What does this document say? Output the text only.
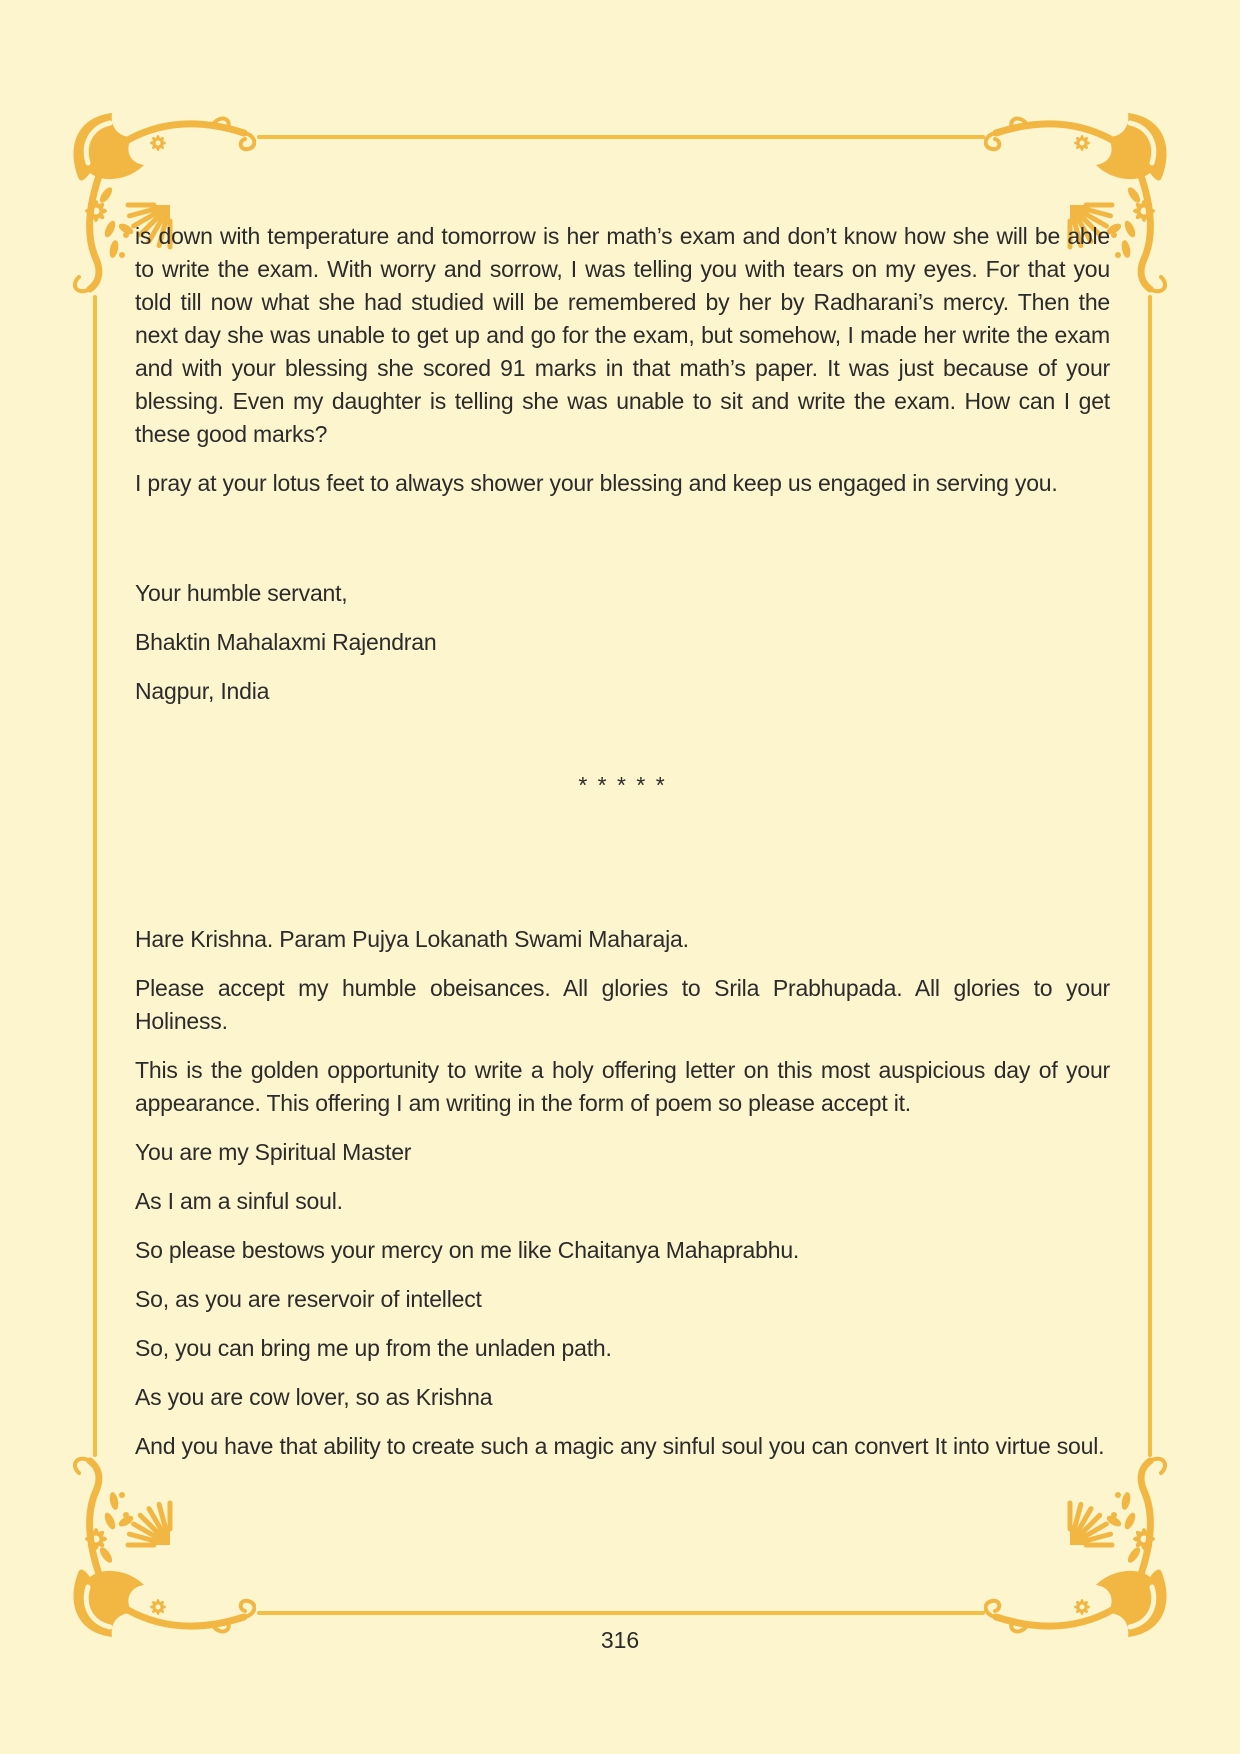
is down with temperature and tomorrow is her math’s exam and don’t know how she will be able to write the exam. With worry and sorrow, I was telling you with tears on my eyes. For that you told till now what she had studied will be remembered by her by Radharani’s mercy. Then the next day she was unable to get up and go for the exam, but somehow, I made her write the exam and with your blessing she scored 91 marks in that math’s paper. It was just because of your blessing. Even my daughter is telling she was unable to sit and write the exam. How can I get these good marks?

I pray at your lotus feet to always shower your blessing and keep us engaged in serving you.

Your humble servant,

Bhaktin Mahalaxmi Rajendran

Nagpur, India

* * * * *

Hare Krishna. Param Pujya Lokanath Swami Maharaja.

Please accept my humble obeisances. All glories to Srila Prabhupada. All glories to your Holiness.

This is the golden opportunity to write a holy offering letter on this most auspicious day of your appearance. This offering I am writing in the form of poem so please accept it.

You are my Spiritual Master

As I am a sinful soul.

So please bestows your mercy on me like Chaitanya Mahaprabhu.

So, as you are reservoir of intellect

So, you can bring me up from the unladen path.

As you are cow lover, so as Krishna

And you have that ability to create such a magic any sinful soul you can convert It into virtue soul.

316
